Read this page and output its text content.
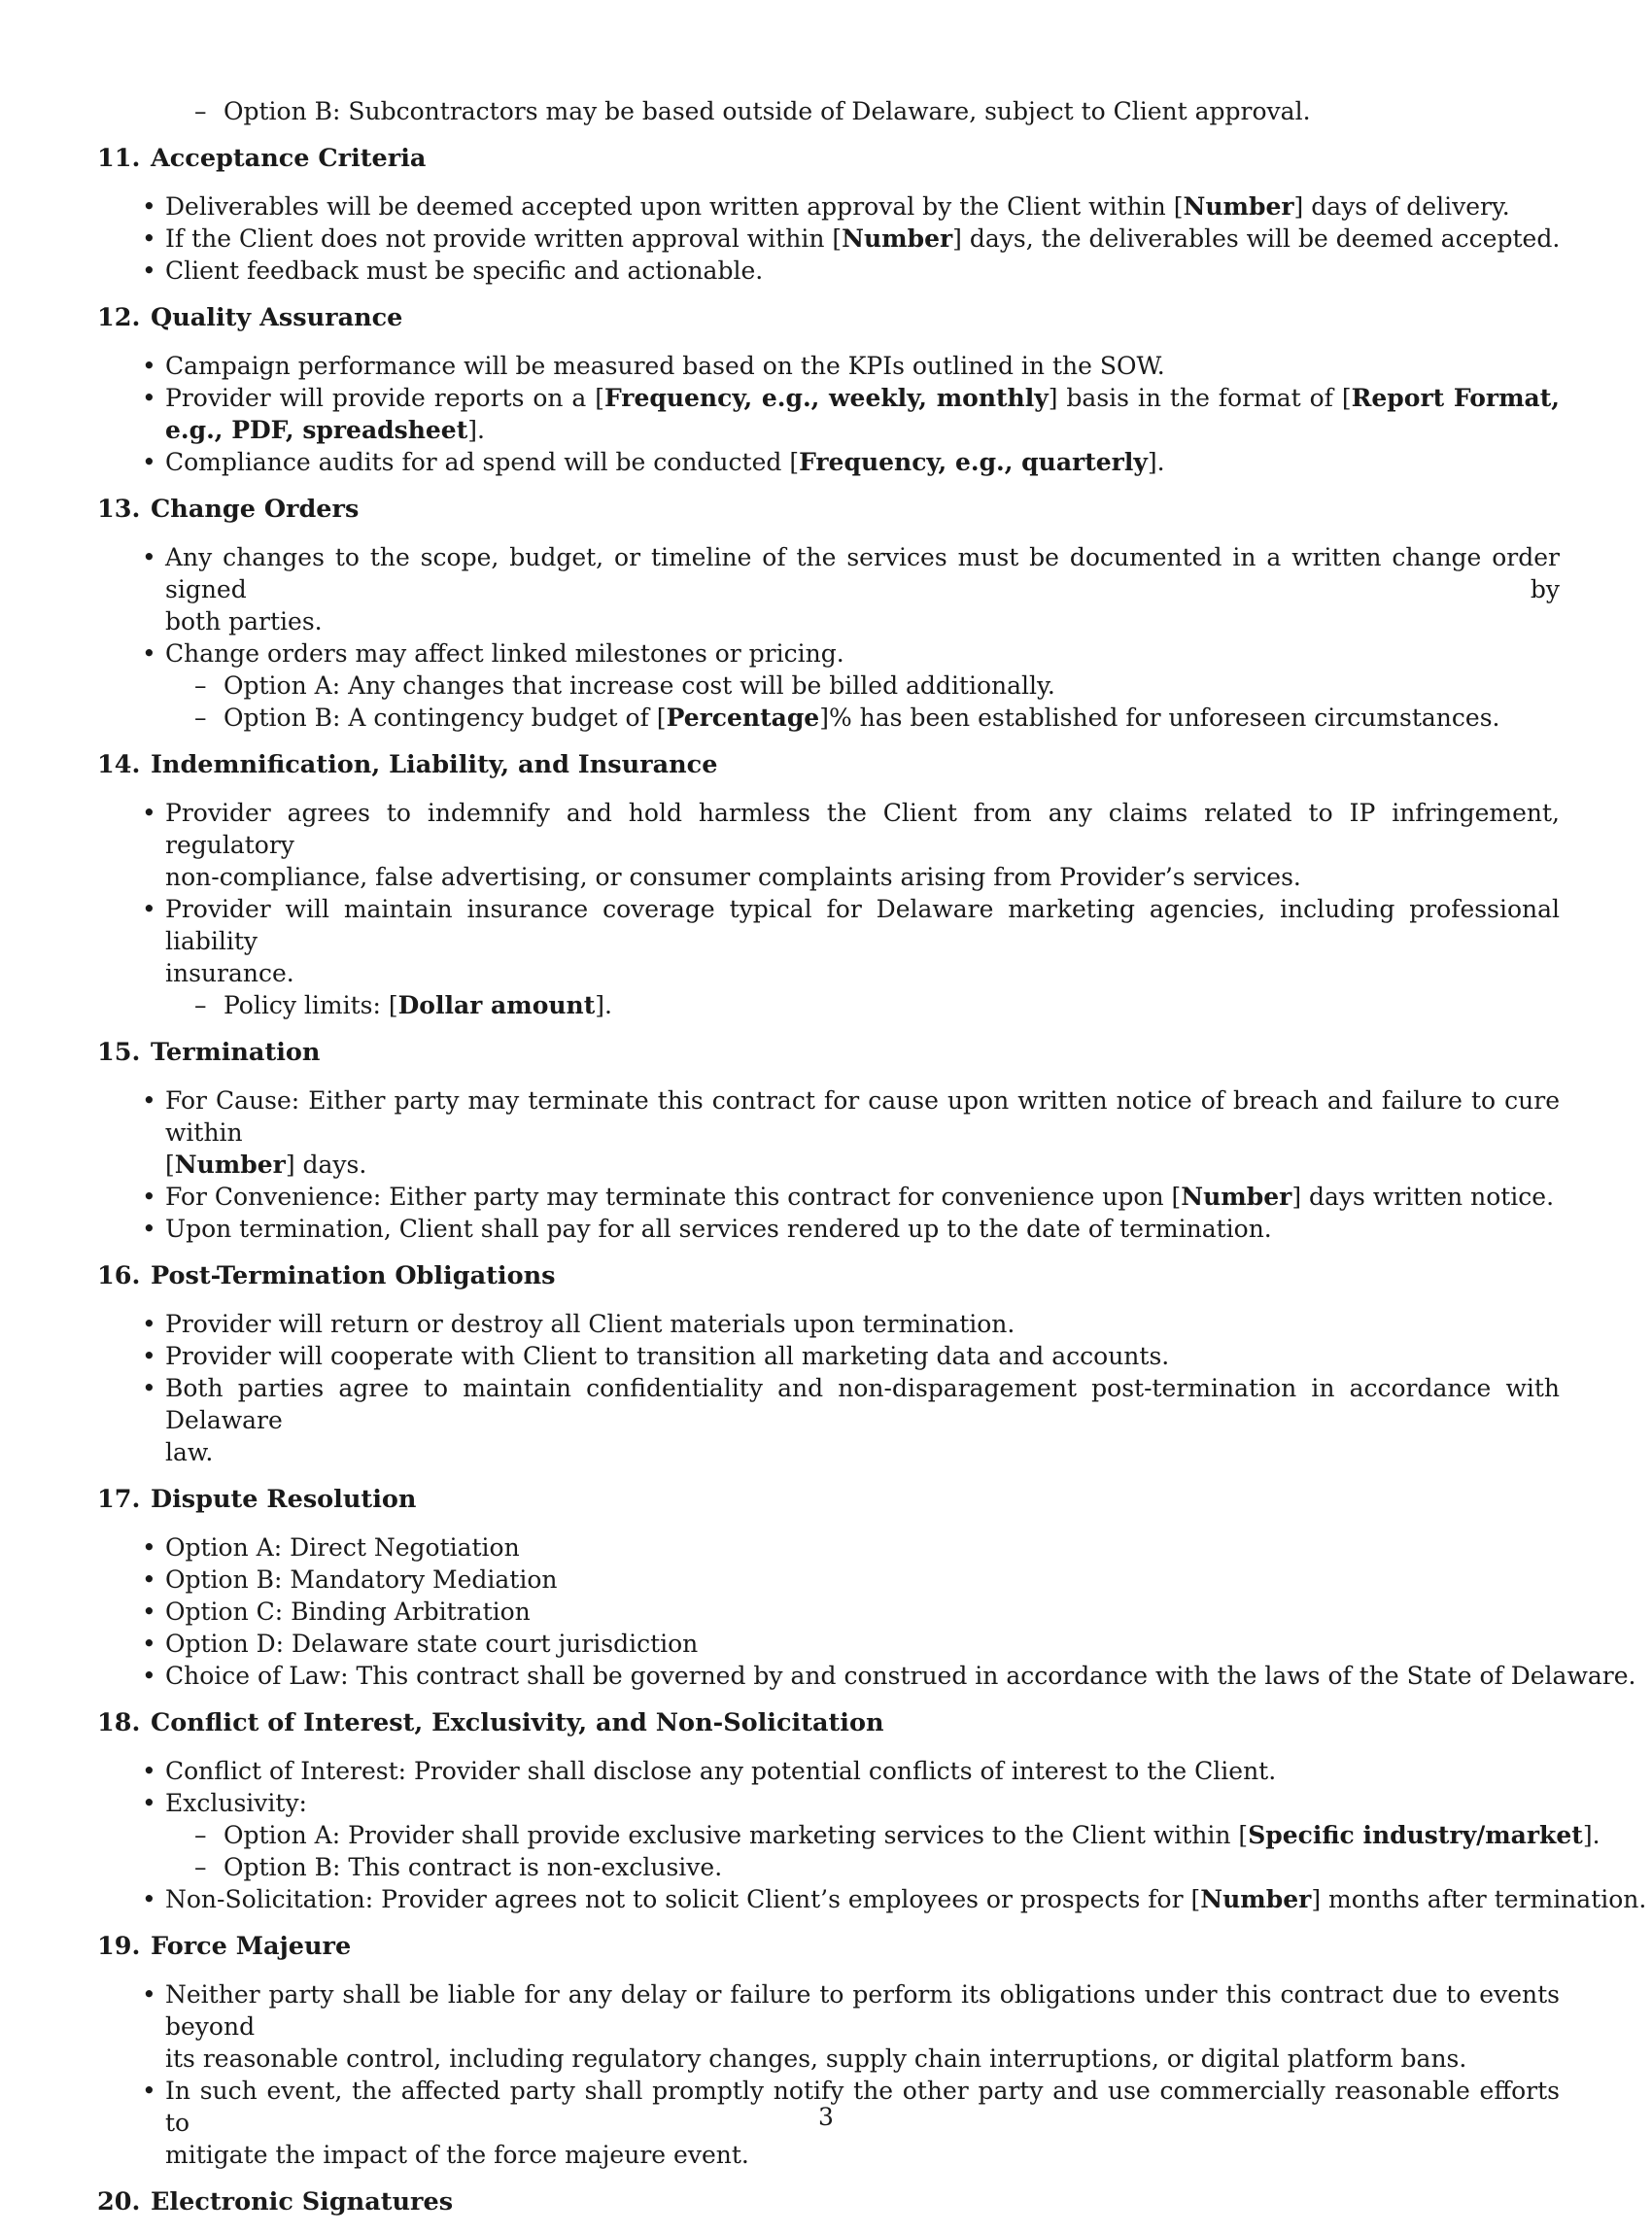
– Option B: Subcontractors may be based outside of Delaware, subject to Client approval.
11. Acceptance Criteria
• Deliverables will be deemed accepted upon written approval by the Client within [Number] days of delivery.
• If the Client does not provide written approval within [Number] days, the deliverables will be deemed accepted.
• Client feedback must be specific and actionable.
12. Quality Assurance
• Campaign performance will be measured based on the KPIs outlined in the SOW.
• Provider will provide reports on a [Frequency, e.g., weekly, monthly] basis in the format of [Report Format,
e.g., PDF, spreadsheet].
• Compliance audits for ad spend will be conducted [Frequency, e.g., quarterly].
13. Change Orders
• Any changes to the scope, budget, or timeline of the services must be documented in a written change order signed by
both parties.
• Change orders may affect linked milestones or pricing.
– Option A: Any changes that increase cost will be billed additionally.
– Option B: A contingency budget of [Percentage]% has been established for unforeseen circumstances.
14. Indemnification, Liability, and Insurance
• Provider agrees to indemnify and hold harmless the Client from any claims related to IP infringement, regulatory
non-compliance, false advertising, or consumer complaints arising from Provider’s services.
• Provider will maintain insurance coverage typical for Delaware marketing agencies, including professional liability
insurance.
– Policy limits: [Dollar amount].
15. Termination
• For Cause: Either party may terminate this contract for cause upon written notice of breach and failure to cure within
[Number] days.
• For Convenience: Either party may terminate this contract for convenience upon [Number] days written notice.
• Upon termination, Client shall pay for all services rendered up to the date of termination.
16. Post-Termination Obligations
• Provider will return or destroy all Client materials upon termination.
• Provider will cooperate with Client to transition all marketing data and accounts.
• Both parties agree to maintain confidentiality and non-disparagement post-termination in accordance with Delaware
law.
17. Dispute Resolution
• Option A: Direct Negotiation
• Option B: Mandatory Mediation
• Option C: Binding Arbitration
• Option D: Delaware state court jurisdiction
• Choice of Law: This contract shall be governed by and construed in accordance with the laws of the State of Delaware.
18. Conflict of Interest, Exclusivity, and Non-Solicitation
• Conflict of Interest: Provider shall disclose any potential conflicts of interest to the Client.
• Exclusivity:
– Option A: Provider shall provide exclusive marketing services to the Client within [Specific industry/market].
– Option B: This contract is non-exclusive.
• Non-Solicitation: Provider agrees not to solicit Client’s employees or prospects for [Number] months after termination.
19. Force Majeure
• Neither party shall be liable for any delay or failure to perform its obligations under this contract due to events beyond
its reasonable control, including regulatory changes, supply chain interruptions, or digital platform bans.
• In such event, the affected party shall promptly notify the other party and use commercially reasonable efforts to
mitigate the impact of the force majeure event.
20. Electronic Signatures
3
